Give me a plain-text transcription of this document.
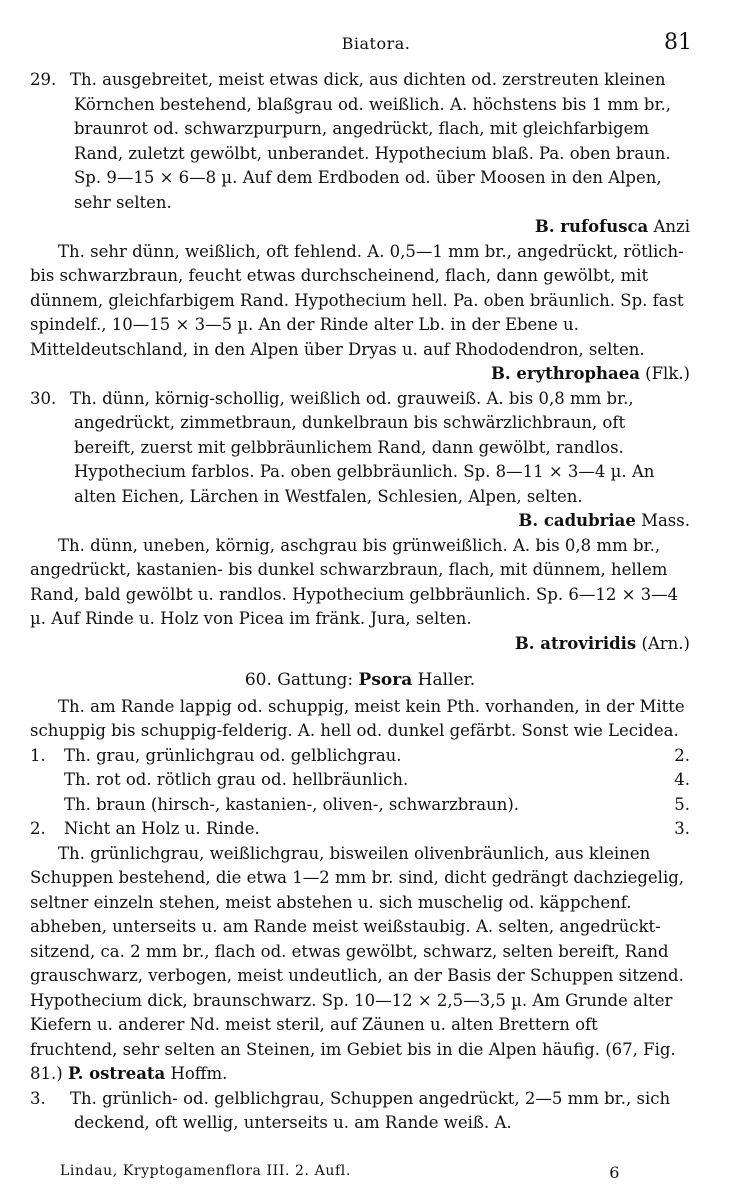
Biatora.	81

29. Th. ausgebreitet, meist etwas dick, aus dichten od. zerstreuten kleinen Körnchen bestehend, blaßgrau od. weißlich. A. höchstens bis 1 mm br., braunrot od. schwarzpurpurn, angedrückt, flach, mit gleichfarbigem Rand, zuletzt gewölbt, unberandet. Hypothecium blaß. Pa. oben braun. Sp. 9—15 × 6—8 µ. Auf dem Erdboden od. über Moosen in den Alpen, sehr selten.

B. rufofusca Anzi

Th. sehr dünn, weißlich, oft fehlend. A. 0,5—1 mm br., angedrückt, rötlich- bis schwarzbraun, feucht etwas durchscheinend, flach, dann gewölbt, mit dünnem, gleichfarbigem Rand. Hypothecium hell. Pa. oben bräunlich. Sp. fast spindelf., 10—15 × 3—5 µ. An der Rinde alter Lb. in der Ebene u. Mitteldeutschland, in den Alpen über Dryas u. auf Rhododendron, selten.

B. erythrophaea (Flk.)

30. Th. dünn, körnig-schollig, weißlich od. grauweiß. A. bis 0,8 mm br., angedrückt, zimmetbraun, dunkelbraun bis schwärzlichbraun, oft bereift, zuerst mit gelbbräunlichem Rand, dann gewölbt, randlos. Hypothecium farblos. Pa. oben gelbbräunlich. Sp. 8—11 × 3—4 µ. An alten Eichen, Lärchen in Westfalen, Schlesien, Alpen, selten.

B. cadubriae Mass.

Th. dünn, uneben, körnig, aschgrau bis grünweißlich. A. bis 0,8 mm br., angedrückt, kastanien- bis dunkel schwarzbraun, flach, mit dünnem, hellem Rand, bald gewölbt u. randlos. Hypothecium gelbbräunlich. Sp. 6—12 × 3—4 µ. Auf Rinde u. Holz von Picea im fränk. Jura, selten.

B. atroviridis (Arn.)

60. Gattung: Psora Haller.

Th. am Rande lappig od. schuppig, meist kein Pth. vorhanden, in der Mitte schuppig bis schuppig-felderig. A. hell od. dunkel gefärbt. Sonst wie Lecidea.

1.	Th. grau, grünlichgrau od. gelblichgrau.	2.
Th. rot od. rötlich grau od. hellbräunlich.	4.
Th. braun (hirsch-, kastanien-, oliven-, schwarzbraun).	5.
2.	Nicht an Holz u. Rinde.	3.

Th. grünlichgrau, weißlichgrau, bisweilen olivenbräunlich, aus kleinen Schuppen bestehend, die etwa 1—2 mm br. sind, dicht gedrängt dachziegelig, seltner einzeln stehen, meist abstehen u. sich muschelig od. käppchenf. abheben, unterseits u. am Rande meist weißstaubig. A. selten, angedrückt-sitzend, ca. 2 mm br., flach od. etwas gewölbt, schwarz, selten bereift, Rand grauschwarz, verbogen, meist undeutlich, an der Basis der Schuppen sitzend. Hypothecium dick, braunschwarz. Sp. 10—12 × 2,5—3,5 µ. Am Grunde alter Kiefern u. anderer Nd. meist steril, auf Zäunen u. alten Brettern oft fruchtend, sehr selten an Steinen, im Gebiet bis in die Alpen häufig. (67, Fig. 81.) P. ostreata Hoffm.

3. Th. grünlich- od. gelblichgrau, Schuppen angedrückt, 2—5 mm br., sich deckend, oft wellig, unterseits u. am Rande weiß. A.

Lindau, Kryptogamenflora III. 2. Aufl.	6
